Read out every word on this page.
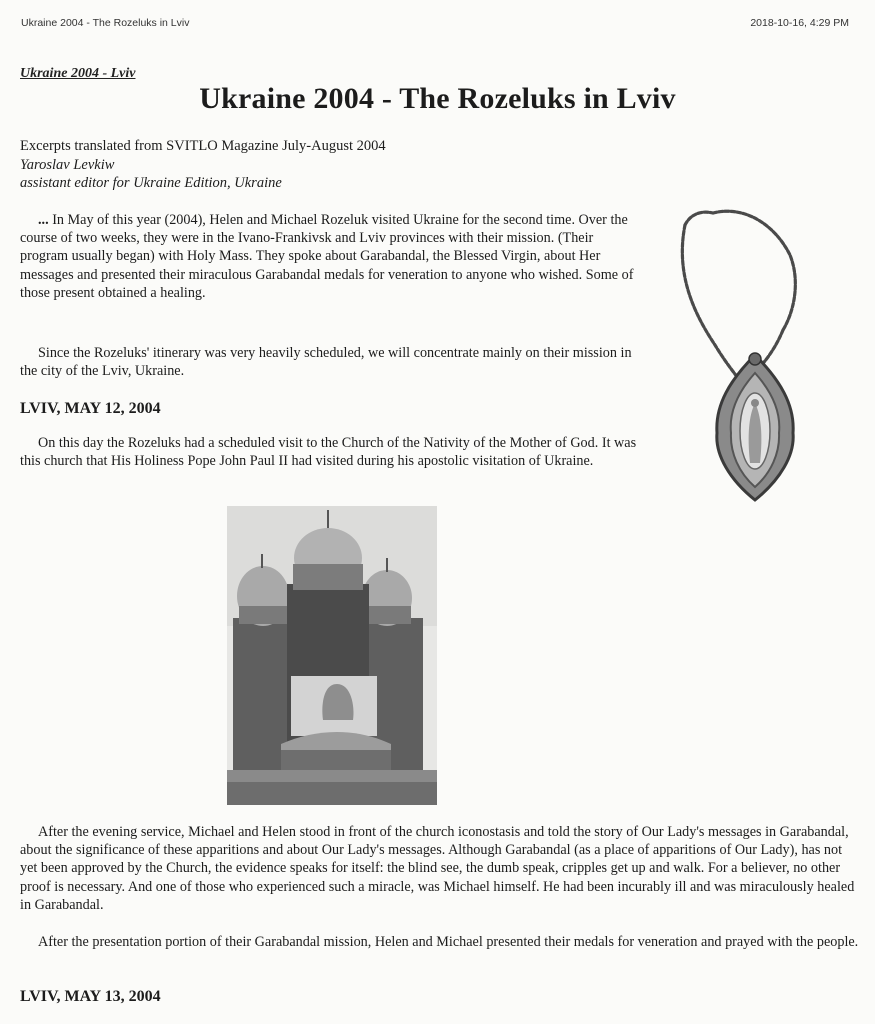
Ukraine 2004 - The Rozeluks in Lviv	2018-10-16, 4:29 PM
Ukraine 2004 - Lviv
Ukraine 2004 - The Rozeluks in Lviv
Excerpts translated from SVITLO Magazine July-August 2004
Yaroslav Levkiw
assistant editor for Ukraine Edition, Ukraine

... In May of this year (2004), Helen and Michael Rozeluk visited Ukraine for the second time. Over the course of two weeks, they were in the Ivano-Frankivsk and Lviv provinces with their mission. (Their program usually began) with Holy Mass. They spoke about Garabandal, the Blessed Virgin, about Her messages and presented their miraculous Garabandal medals for veneration to anyone who wished. Some of those present obtained a healing.

Since the Rozeluks' itinerary was very heavily scheduled, we will concentrate mainly on their mission in the city of the Lviv, Ukraine.

LVIV, MAY 12, 2004

On this day the Rozeluks had a scheduled visit to the Church of the Nativity of the Mother of God. It was this church that His Holiness Pope John Paul II had visited during his apostolic visitation of Ukraine.

After the evening service, Michael and Helen stood in front of the church iconostasis and told the story of Our Lady's messages in Garabandal, about the significance of these apparitions and about Our Lady's messages. Although Garabandal (as a place of apparitions of Our Lady), has not yet been approved by the Church, the evidence speaks for itself: the blind see, the dumb speak, cripples get up and walk. For a believer, no other proof is necessary. And one of those who experienced such a miracle, was Michael himself. He had been incurably ill and was miraculously healed in Garabandal.

After the presentation portion of their Garabandal mission, Helen and Michael presented their medals for veneration and prayed with the people.

LVIV, MAY 13, 2004
